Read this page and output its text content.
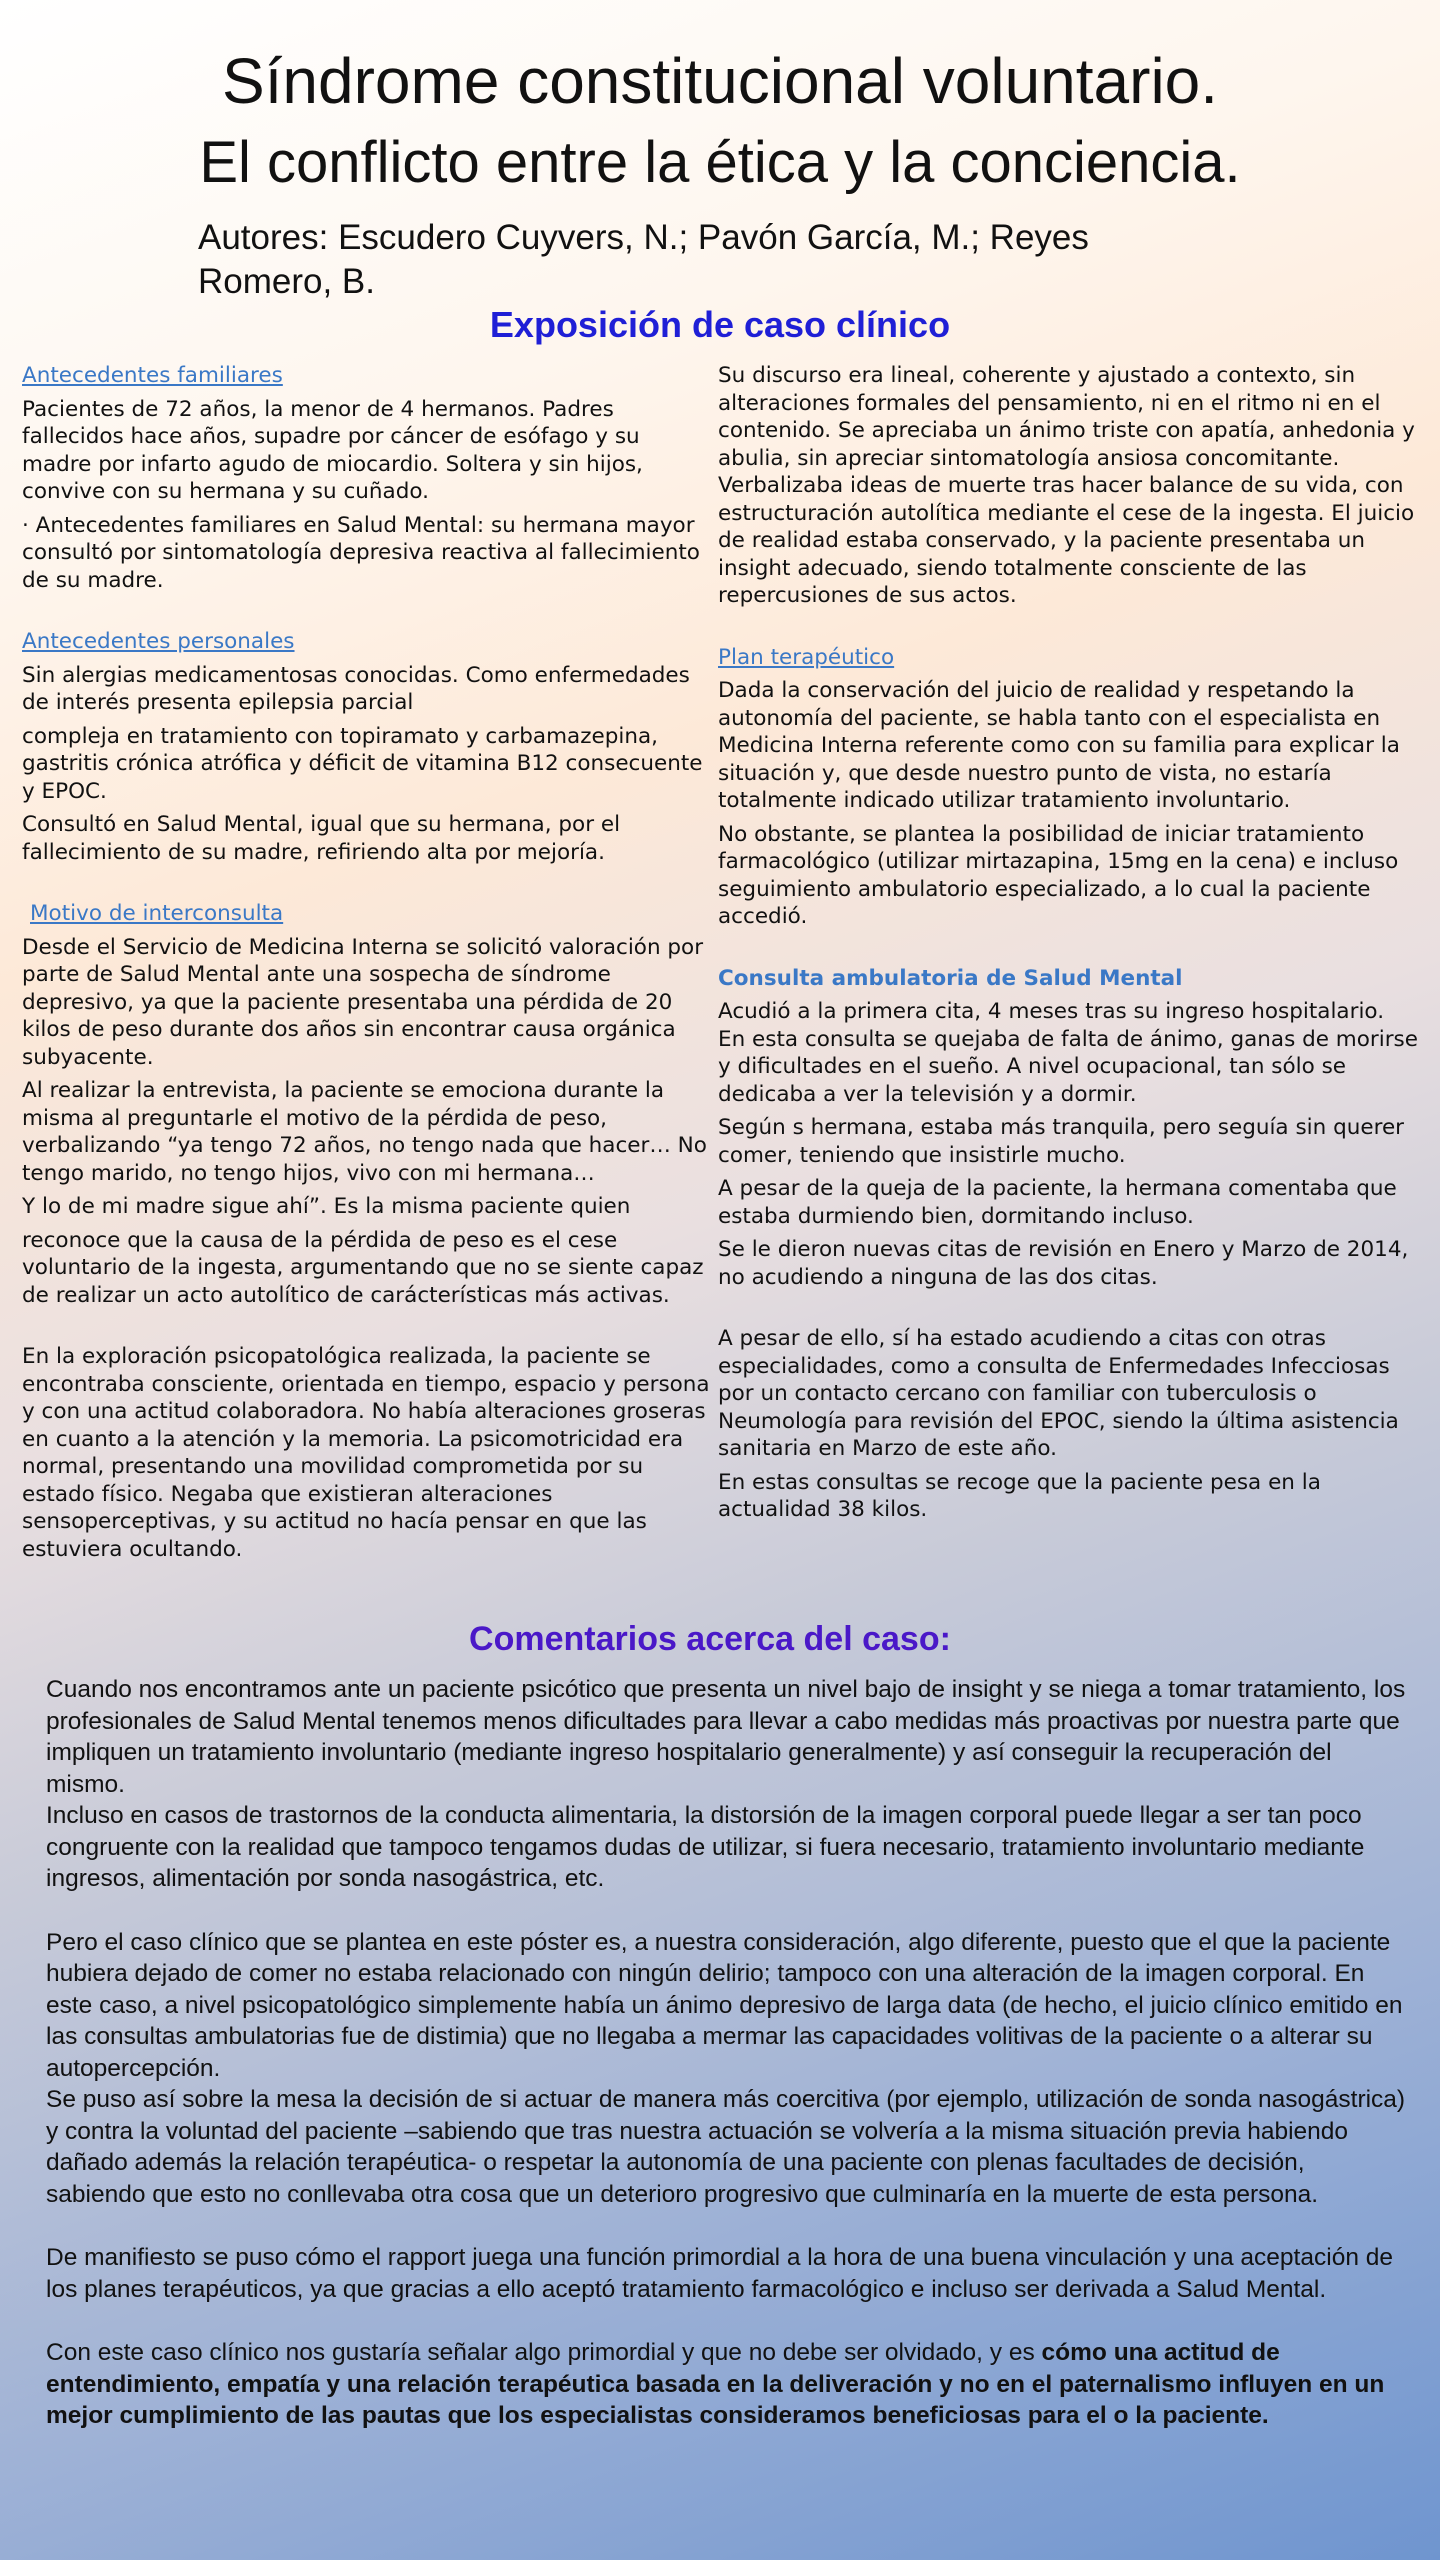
Síndrome constitucional voluntario.
El conflicto entre la ética y la conciencia.

Autores: Escudero Cuyvers, N.; Pavón García, M.; Reyes Romero, B.

Exposición de caso clínico
Antecedentes familiares

Pacientes de 72 años, la menor de 4 hermanos. Padres fallecidos hace años, supadre por cáncer de esófago y su madre por infarto agudo de miocardio. Soltera y sin hijos, convive con su hermana y su cuñado.

· Antecedentes familiares en Salud Mental: su hermana mayor consultó por sintomatología depresiva reactiva al fallecimiento de su madre.

Antecedentes personales

Sin alergias medicamentosas conocidas. Como enfermedades de interés presenta epilepsia parcial

compleja en tratamiento con topiramato y carbamazepina, gastritis crónica atrófica y déficit de vitamina B12 consecuente y EPOC.

Consultó en Salud Mental, igual que su hermana, por el fallecimiento de su madre, refiriendo alta por mejoría.

Motivo de interconsulta

Desde el Servicio de Medicina Interna se solicitó valoración por parte de Salud Mental ante una sospecha de síndrome depresivo, ya que la paciente presentaba una pérdida de 20 kilos de peso durante dos años sin encontrar causa orgánica subyacente.

Al realizar la entrevista, la paciente se emociona durante la misma al preguntarle el motivo de la pérdida de peso, verbalizando “ya tengo 72 años, no tengo nada que hacer… No tengo marido, no tengo hijos, vivo con mi hermana…

Y lo de mi madre sigue ahí”. Es la misma paciente quien

reconoce que la causa de la pérdida de peso es el cese voluntario de la ingesta, argumentando que no se siente capaz de realizar un acto autolítico de carácterísticas más activas.

En la exploración psicopatológica realizada, la paciente se encontraba consciente, orientada en tiempo, espacio y persona y con una actitud colaboradora. No había alteraciones groseras en cuanto a la atención y la memoria. La psicomotricidad era normal, presentando una movilidad comprometida por su estado físico. Negaba que existieran alteraciones sensoperceptivas, y su actitud no hacía pensar en que las estuviera ocultando.

Su discurso era lineal, coherente y ajustado a contexto, sin alteraciones formales del pensamiento, ni en el ritmo ni en el contenido. Se apreciaba un ánimo triste con apatía, anhedonia y abulia, sin apreciar sintomatología ansiosa concomitante. Verbalizaba ideas de muerte tras hacer balance de su vida, con estructuración autolítica mediante el cese de la ingesta. El juicio de realidad estaba conservado, y la paciente presentaba un insight adecuado, siendo totalmente consciente de las repercusiones de sus actos.

Plan terapéutico

Dada la conservación del juicio de realidad y respetando la autonomía del paciente, se habla tanto con el especialista en Medicina Interna referente como con su familia para explicar la situación y, que desde nuestro punto de vista, no estaría totalmente indicado utilizar tratamiento involuntario.

No obstante, se plantea la posibilidad de iniciar tratamiento farmacológico (utilizar mirtazapina, 15mg en la cena) e incluso seguimiento ambulatorio especializado, a lo cual la paciente accedió.

Consulta ambulatoria de Salud Mental

Acudió a la primera cita, 4 meses tras su ingreso hospitalario. En esta consulta se quejaba de falta de ánimo, ganas de morirse y dificultades en el sueño. A nivel ocupacional, tan sólo se dedicaba a ver la televisión y a dormir.

Según s hermana, estaba más tranquila, pero seguía sin querer comer, teniendo que insistirle mucho.

A pesar de la queja de la paciente, la hermana comentaba que estaba durmiendo bien, dormitando incluso.

Se le dieron nuevas citas de revisión en Enero y Marzo de 2014, no acudiendo a ninguna de las dos citas.

A pesar de ello, sí ha estado acudiendo a citas con otras especialidades, como a consulta de Enfermedades Infecciosas por un contacto cercano con familiar con tuberculosis o Neumología para revisión del EPOC, siendo la última asistencia sanitaria en Marzo de este año.

En estas consultas se recoge que la paciente pesa en la actualidad 38 kilos.

Comentarios acerca del caso:

Cuando nos encontramos ante un paciente psicótico que presenta un nivel bajo de insight y se niega a tomar tratamiento, los profesionales de Salud Mental tenemos menos dificultades para llevar a cabo medidas más proactivas por nuestra parte que impliquen un tratamiento involuntario (mediante ingreso hospitalario generalmente) y así conseguir la recuperación del mismo.

Incluso en casos de trastornos de la conducta alimentaria, la distorsión de la imagen corporal puede llegar a ser tan poco congruente con la realidad que tampoco tengamos dudas de utilizar, si fuera necesario, tratamiento involuntario mediante ingresos, alimentación por sonda nasogástrica, etc.

Pero el caso clínico que se plantea en este póster es, a nuestra consideración, algo diferente, puesto que el que la paciente hubiera dejado de comer no estaba relacionado con ningún delirio; tampoco con una alteración de la imagen corporal. En este caso, a nivel psicopatológico simplemente había un ánimo depresivo de larga data (de hecho, el juicio clínico emitido en las consultas ambulatorias fue de distimia) que no llegaba a mermar las capacidades volitivas de la paciente o a alterar su autopercepción.

Se puso así sobre la mesa la decisión de si actuar de manera más coercitiva (por ejemplo, utilización de sonda nasogástrica) y contra la voluntad del paciente –sabiendo que tras nuestra actuación se volvería a la misma situación previa habiendo dañado además la relación terapéutica- o respetar la autonomía de una paciente con plenas facultades de decisión, sabiendo que esto no conllevaba otra cosa que un deterioro progresivo que culminaría en la muerte de esta persona.

De manifiesto se puso cómo el rapport juega una función primordial a la hora de una buena vinculación y una aceptación de los planes terapéuticos, ya que gracias a ello aceptó tratamiento farmacológico e incluso ser derivada a Salud Mental.

Con este caso clínico nos gustaría señalar algo primordial y que no debe ser olvidado, y es cómo una actitud de entendimiento, empatía y una relación terapéutica basada en la deliveración y no en el paternalismo influyen en un mejor cumplimiento de las pautas que los especialistas consideramos beneficiosas para el o la paciente.
